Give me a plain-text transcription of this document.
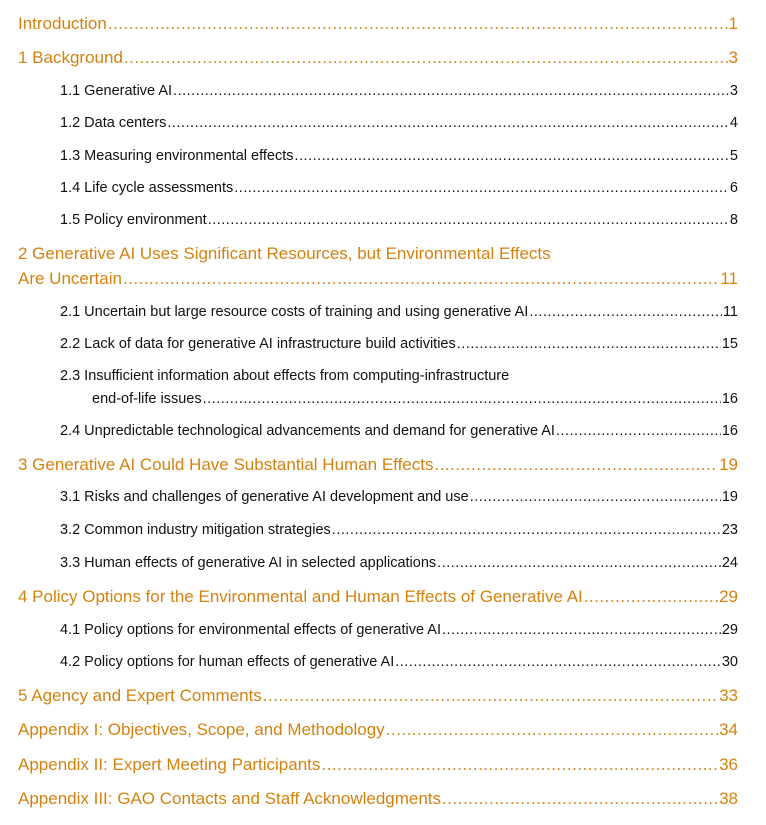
Introduction .....	1
1 Background .....	3
1.1 Generative AI .....	3
1.2 Data centers .....	4
1.3 Measuring environmental effects .....	5
1.4 Life cycle assessments .....	6
1.5 Policy environment .....	8
2 Generative AI Uses Significant Resources, but Environmental Effects
Are Uncertain .....	11
2.1 Uncertain but large resource costs of training and using generative AI .....	11
2.2 Lack of data for generative AI infrastructure build activities .....	15
2.3 Insufficient information about effects from computing-infrastructure
end-of-life issues .....	16
2.4 Unpredictable technological advancements and demand for generative AI .....	16
3 Generative AI Could Have Substantial Human Effects .....	19
3.1 Risks and challenges of generative AI development and use .....	19
3.2 Common industry mitigation strategies .....	23
3.3 Human effects of generative AI in selected applications .....	24
4 Policy Options for the Environmental and Human Effects of Generative AI .....	29
4.1 Policy options for environmental effects of generative AI .....	29
4.2 Policy options for human effects of generative AI .....	30
5 Agency and Expert Comments .....	33
Appendix I: Objectives, Scope, and Methodology .....	34
Appendix II: Expert Meeting Participants .....	36
Appendix III: GAO Contacts and Staff Acknowledgments .....	38
